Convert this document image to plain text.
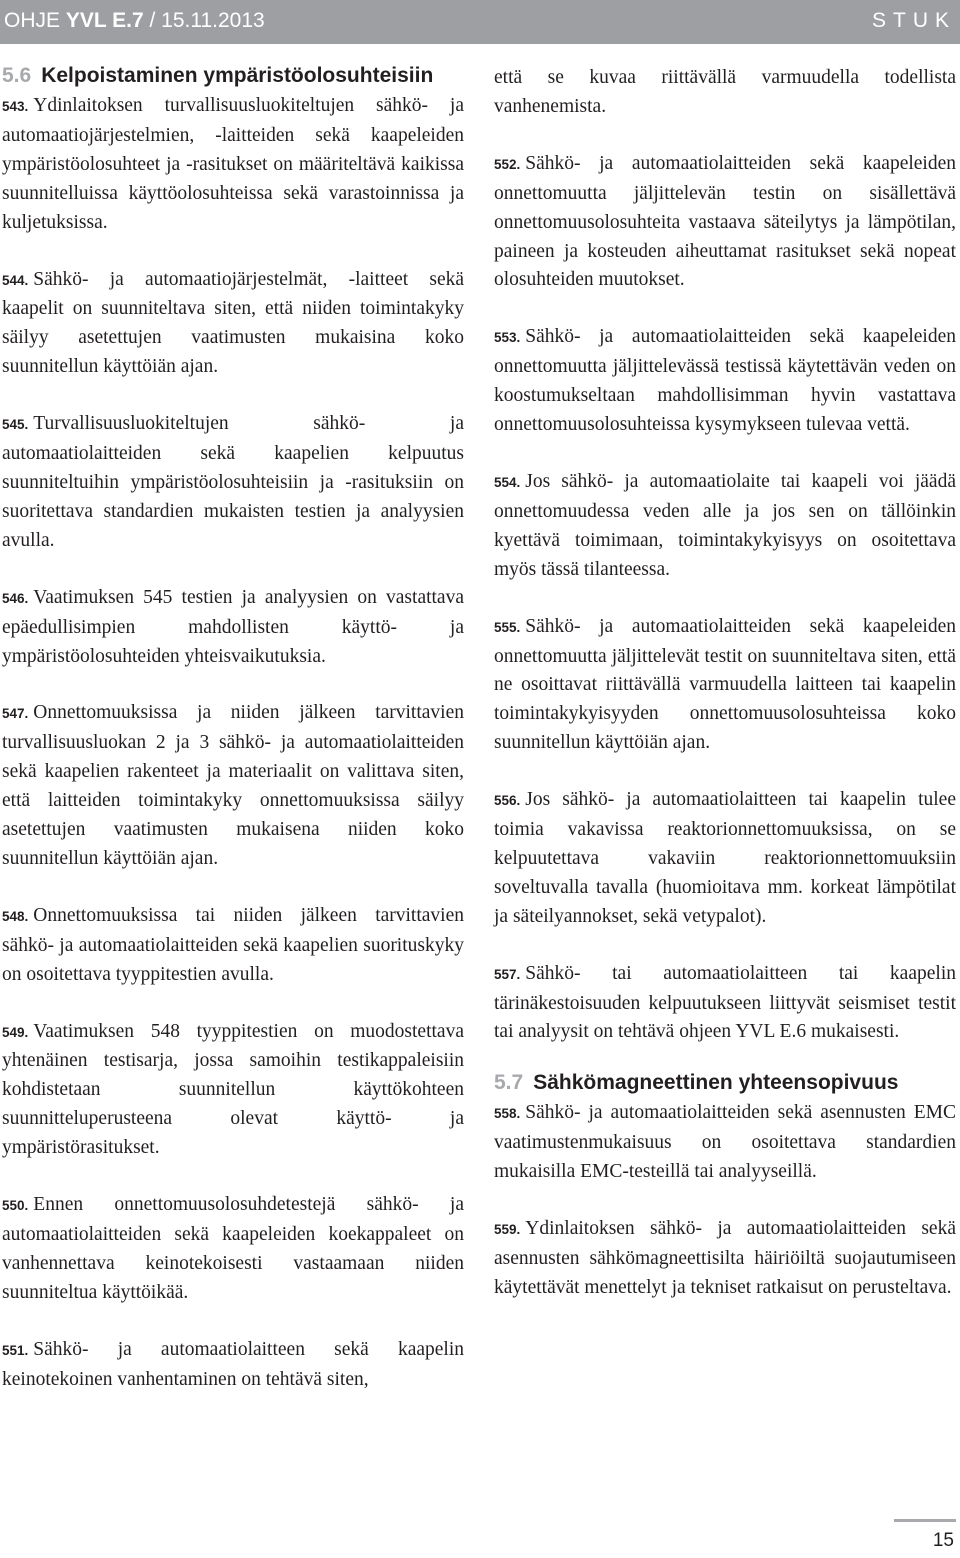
OHJE YVL E.7 / 15.11.2013	STUK
5.6 Kelpoistaminen ympäristöolosuhteisiin

543. Ydinlaitoksen turvallisuusluokiteltujen sähkö- ja automaatiojärjestelmien, -laitteiden sekä kaapeleiden ympäristöolosuhteet ja -rasitukset on määriteltävä kaikissa suunnitelluissa käyttöolosuhteissa sekä varastoinnissa ja kuljetuksissa.

544. Sähkö- ja automaatiojärjestelmät, -laitteet sekä kaapelit on suunniteltava siten, että niiden toimintakyky säilyy asetettujen vaatimusten mukaisina koko suunnitellun käyttöiän ajan.

545. Turvallisuusluokiteltujen sähkö- ja automaatiolaitteiden sekä kaapelien kelpuutus suunniteltuihin ympäristöolosuhteisiin ja -rasituksiin on suoritettava standardien mukaisten testien ja analyysien avulla.

546. Vaatimuksen 545 testien ja analyysien on vastattava epäedullisimpien mahdollisten käyttö- ja ympäristöolosuhteiden yhteisvaikutuksia.

547. Onnettomuuksissa ja niiden jälkeen tarvittavien turvallisuusluokan 2 ja 3 sähkö- ja automaatiolaitteiden sekä kaapelien rakenteet ja materiaalit on valittava siten, että laitteiden toimintakyky onnettomuuksissa säilyy asetettujen vaatimusten mukaisena niiden koko suunnitellun käyttöiän ajan.

548. Onnettomuuksissa tai niiden jälkeen tarvittavien sähkö- ja automaatiolaitteiden sekä kaapelien suorituskyky on osoitettava tyyppitestien avulla.

549. Vaatimuksen 548 tyyppitestien on muodostettava yhtenäinen testisarja, jossa samoihin testikappaleisiin kohdistetaan suunnitellun käyttökohteen suunnitteluperusteena olevat käyttö- ja ympäristörasitukset.

550. Ennen onnettomuusolosuhdetestejä sähkö- ja automaatiolaitteiden sekä kaapeleiden koekappaleet on vanhennettava keinotekoisesti vastaamaan niiden suunniteltua käyttöikää.

551. Sähkö- ja automaatiolaitteen sekä kaapelin keinotekoinen vanhentaminen on tehtävä siten,

että se kuvaa riittävällä varmuudella todellista vanhenemista.

552. Sähkö- ja automaatiolaitteiden sekä kaapeleiden onnettomuutta jäljittelevän testin on sisällettävä onnettomuusolosuhteita vastaava säteilytys ja lämpötilan, paineen ja kosteuden aiheuttamat rasitukset sekä nopeat olosuhteiden muutokset.

553. Sähkö- ja automaatiolaitteiden sekä kaapeleiden onnettomuutta jäljittelevässä testissä käytettävän veden on koostumukseltaan mahdollisimman hyvin vastattava onnettomuusolosuhteissa kysymykseen tulevaa vettä.

554. Jos sähkö- ja automaatiolaite tai kaapeli voi jäädä onnettomuudessa veden alle ja jos sen on tällöinkin kyettävä toimimaan, toimintakykyisyys on osoitettava myös tässä tilanteessa.

555. Sähkö- ja automaatiolaitteiden sekä kaapeleiden onnettomuutta jäljittelevät testit on suunniteltava siten, että ne osoittavat riittävällä varmuudella laitteen tai kaapelin toimintakykyisyyden onnettomuusolosuhteissa koko suunnitellun käyttöiän ajan.

556. Jos sähkö- ja automaatiolaitteen tai kaapelin tulee toimia vakavissa reaktorionnettomuuksissa, on se kelpuutettava vakaviin reaktorionnettomuuksiin soveltuvalla tavalla (huomioitava mm. korkeat lämpötilat ja säteilyannokset, sekä vetypalot).

557. Sähkö- tai automaatiolaitteen tai kaapelin tärinäkestoisuuden kelpuutukseen liittyvät seismiset testit tai analyysit on tehtävä ohjeen YVL E.6 mukaisesti.

5.7 Sähkömagneettinen yhteensopivuus

558. Sähkö- ja automaatiolaitteiden sekä asennusten EMC vaatimustenmukaisuus on osoitettava standardien mukaisilla EMC-testeillä tai analyyseillä.

559. Ydinlaitoksen sähkö- ja automaatiolaitteiden sekä asennusten sähkömagneettisilta häiriöiltä suojautumiseen käytettävät menettelyt ja tekniset ratkaisut on perusteltava.

15
